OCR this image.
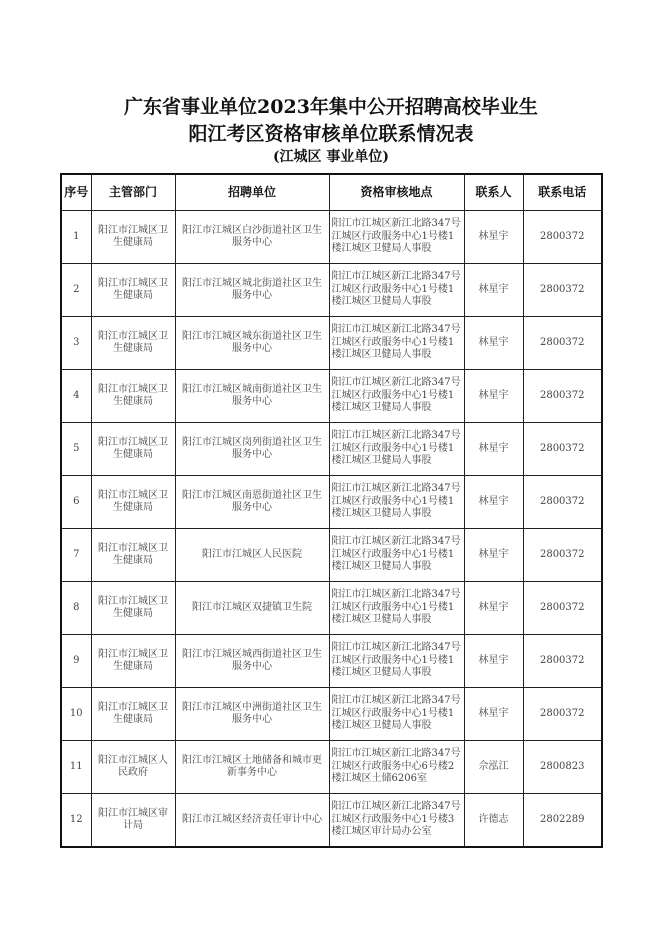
广东省事业单位2023年集中公开招聘高校毕业生
阳江考区资格审核单位联系情况表
(江城区 事业单位)
序号	主管部门	招聘单位	资格审核地点	联系人	联系电话
1	阳江市江城区卫生健康局	阳江市江城区白沙街道社区卫生服务中心	阳江市江城区新江北路347号江城区行政服务中心1号楼1楼江城区卫健局人事股	林星宇	2800372
2	阳江市江城区卫生健康局	阳江市江城区城北街道社区卫生服务中心	阳江市江城区新江北路347号江城区行政服务中心1号楼1楼江城区卫健局人事股	林星宇	2800372
3	阳江市江城区卫生健康局	阳江市江城区城东街道社区卫生服务中心	阳江市江城区新江北路347号江城区行政服务中心1号楼1楼江城区卫健局人事股	林星宇	2800372
4	阳江市江城区卫生健康局	阳江市江城区城南街道社区卫生服务中心	阳江市江城区新江北路347号江城区行政服务中心1号楼1楼江城区卫健局人事股	林星宇	2800372
5	阳江市江城区卫生健康局	阳江市江城区岗列街道社区卫生服务中心	阳江市江城区新江北路347号江城区行政服务中心1号楼1楼江城区卫健局人事股	林星宇	2800372
6	阳江市江城区卫生健康局	阳江市江城区南恩街道社区卫生服务中心	阳江市江城区新江北路347号江城区行政服务中心1号楼1楼江城区卫健局人事股	林星宇	2800372
7	阳江市江城区卫生健康局	阳江市江城区人民医院	阳江市江城区新江北路347号江城区行政服务中心1号楼1楼江城区卫健局人事股	林星宇	2800372
8	阳江市江城区卫生健康局	阳江市江城区双捷镇卫生院	阳江市江城区新江北路347号江城区行政服务中心1号楼1楼江城区卫健局人事股	林星宇	2800372
9	阳江市江城区卫生健康局	阳江市江城区城西街道社区卫生服务中心	阳江市江城区新江北路347号江城区行政服务中心1号楼1楼江城区卫健局人事股	林星宇	2800372
10	阳江市江城区卫生健康局	阳江市江城区中洲街道社区卫生服务中心	阳江市江城区新江北路347号江城区行政服务中心1号楼1楼江城区卫健局人事股	林星宇	2800372
11	阳江市江城区人民政府	阳江市江城区土地储备和城市更新事务中心	阳江市江城区新江北路347号江城区行政服务中心6号楼2楼江城区土储6206室	佘泓江	2800823
12	阳江市江城区审计局	阳江市江城区经济责任审计中心	阳江市江城区新江北路347号江城区行政服务中心1号楼3楼江城区审计局办公室	许德志	2802289
